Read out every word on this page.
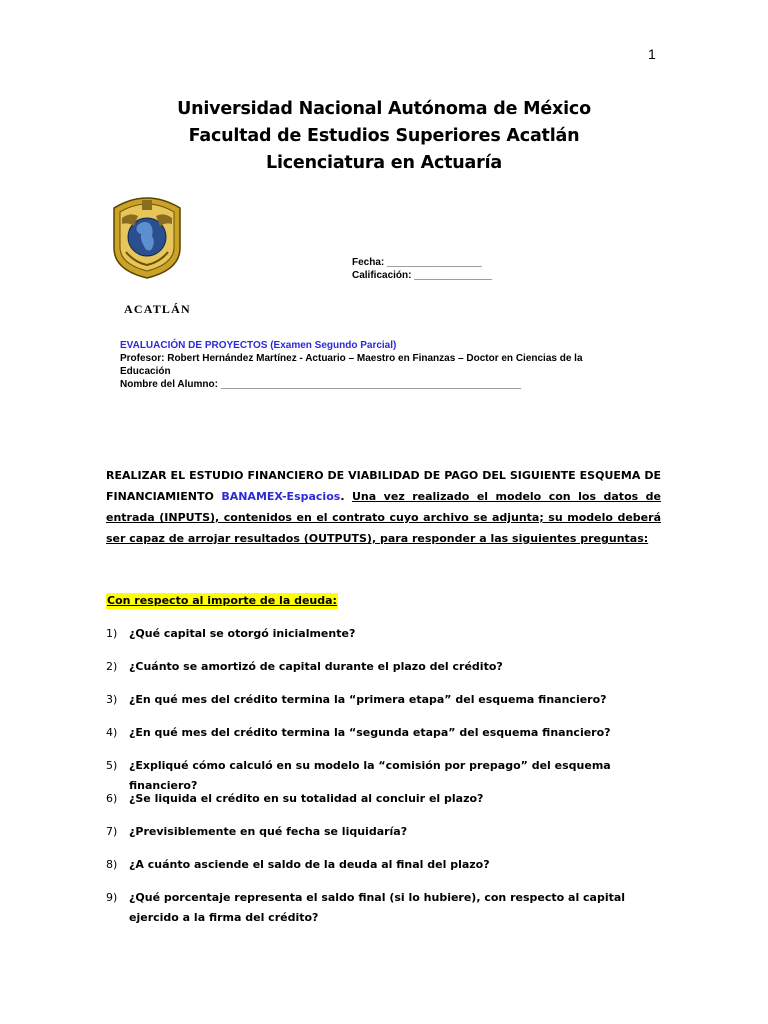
1
Universidad Nacional Autónoma de México
Facultad de Estudios Superiores Acatlán
Licenciatura en Actuaría
ACATLÁN
Fecha: _________________
Calificación: ______________
EVALUACIÓN DE PROYECTOS (Examen Segundo Parcial)
Profesor: Robert Hernández Martínez - Actuario – Maestro en Finanzas – Doctor en Ciencias de la
Educación
Nombre del Alumno: ______________________________________________________
REALIZAR EL ESTUDIO FINANCIERO DE VIABILIDAD DE PAGO DEL SIGUIENTE ESQUEMA DE FINANCIAMIENTO BANAMEX-Espacios. Una vez realizado el modelo con los datos de entrada (INPUTS), contenidos en el contrato cuyo archivo se adjunta; su modelo deberá ser capaz de arrojar resultados (OUTPUTS), para responder a las siguientes preguntas:
Con respecto al importe de la deuda:
1)	¿Qué capital se otorgó inicialmente?
2)	¿Cuánto se amortizó de capital durante el plazo del crédito?
3)	¿En qué mes del crédito termina la “primera etapa” del esquema financiero?
4)	¿En qué mes del crédito termina la “segunda etapa” del esquema financiero?
5)	¿Expliqué cómo calculó en su modelo la “comisión por prepago” del esquema financiero?
6)	¿Se liquida el crédito en su totalidad al concluir el plazo?
7)	¿Previsiblemente en qué fecha se liquidaría?
8)	¿A cuánto asciende el saldo de la deuda al final del plazo?
9)	¿Qué porcentaje representa el saldo final (si lo hubiere), con respecto al capital ejercido a la firma del crédito?
